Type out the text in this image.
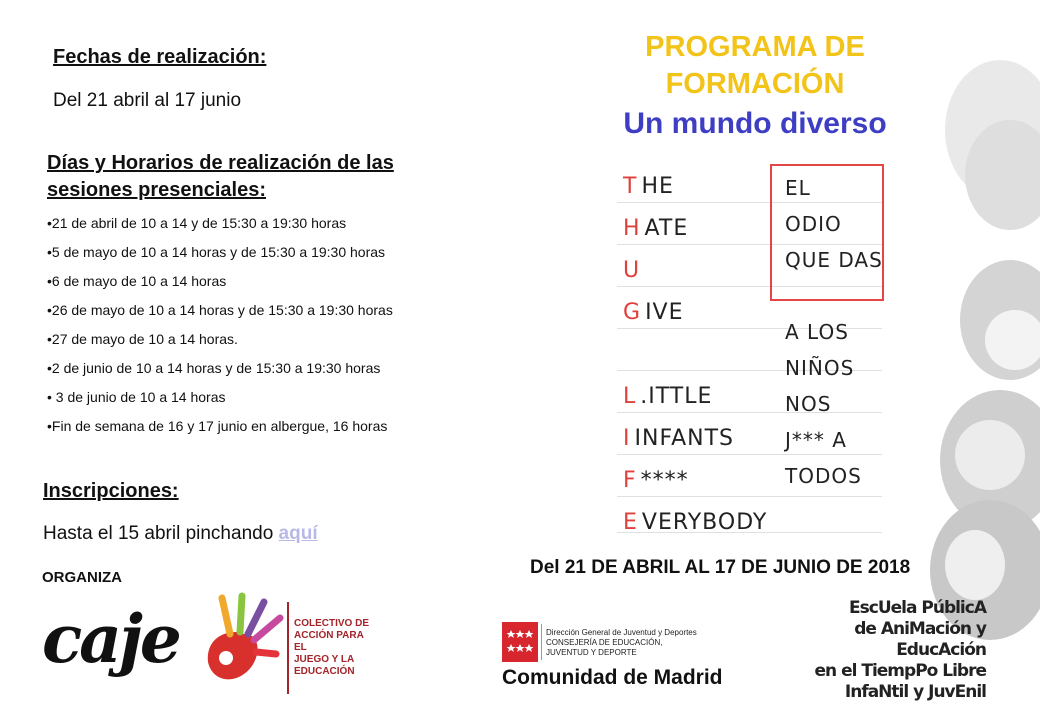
Fechas de realización:
Del 21 abril al 17 junio
Días y Horarios de realización de las
sesiones presenciales:
•21 de abril de 10 a 14 y de 15:30 a 19:30 horas
•5 de mayo de 10 a 14 horas y de 15:30 a 19:30 horas
•6 de mayo de 10 a 14 horas
•26 de mayo de 10 a 14 horas y de 15:30 a 19:30 horas
•27 de mayo de 10 a 14 horas.
•2 de junio de 10 a 14 horas y de 15:30 a 19:30 horas
• 3 de junio de 10 a 14 horas
•Fin de semana de 16 y 17 junio en albergue, 16 horas
Inscripciones:
Hasta el 15 abril pinchando aquí
ORGANIZA
caje	COLECTIVO DE
ACCIÓN PARA EL
JUEGO Y LA
EDUCACIÓN
PROGRAMA DE
FORMACIÓN
Un mundo diverso
T HE
H ATE
U
G IVE
L .ITTLE
I INFANTS
F ****
E VERYBODY
EL
ODIO
QUE DAS
A LOS
NIÑOS
NOS
J*** A
TODOS
Del 21 DE ABRIL AL 17 DE JUNIO DE 2018
Dirección General de Juventud y Deportes
CONSEJERÍA DE EDUCACIÓN,
JUVENTUD Y DEPORTE
Comunidad de Madrid
EscUela PúblicA
de AniMación y EducAción
en el TiempPo Libre
InfaNtil y JuvEnil
